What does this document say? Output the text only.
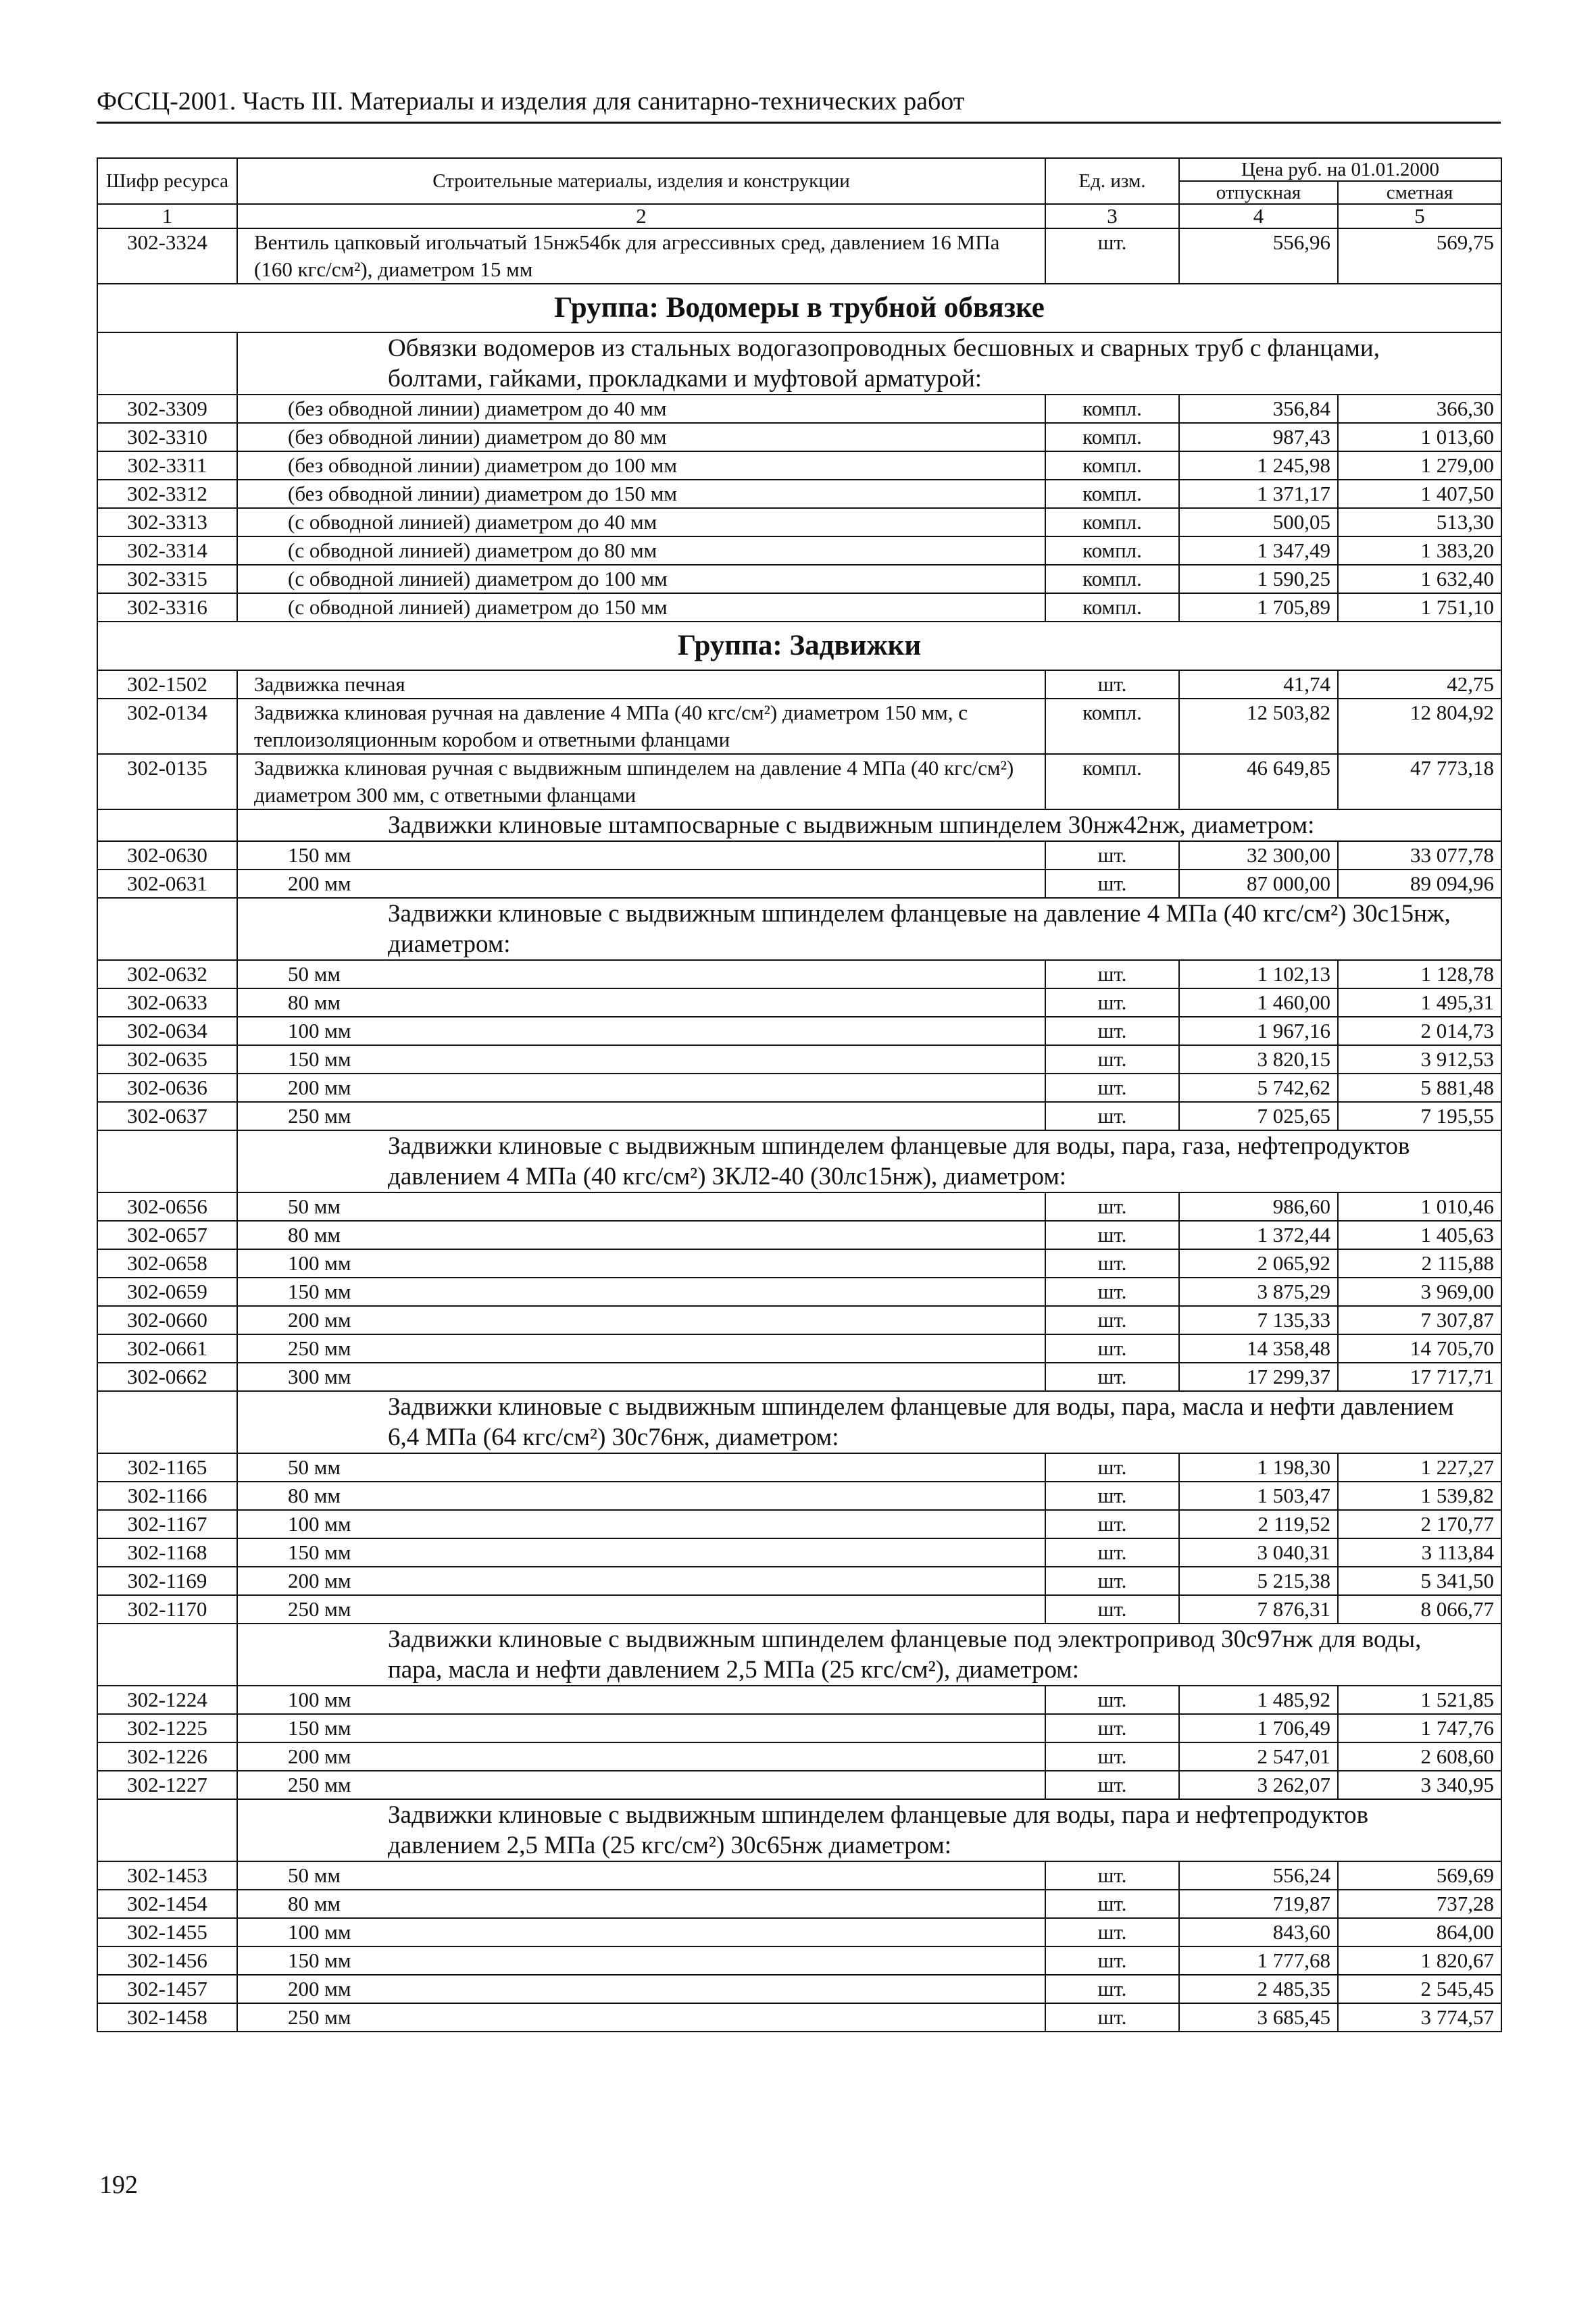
ФССЦ-2001. Часть III. Материалы и изделия для санитарно-технических работ
Шифр ресурса	Строительные материалы, изделия и конструкции	Ед. изм.	Цена руб. на 01.01.2000	
			отпускная	сметная
1	2	3	4	5
302-3324	Вентиль цапковый игольчатый 15нж54бк для агрессивных сред, давлением 16 МПа (160 кгс/см²), диаметром 15 мм	шт.	556,96	569,75
Группа: Водомеры в трубной обвязке				
	Обвязки водомеров из стальных водогазопроводных бесшовных и сварных труб с фланцами, болтами, гайками, прокладками и муфтовой арматурой:			
302-3309	(без обводной линии) диаметром до 40 мм	компл.	356,84	366,30
302-3310	(без обводной линии) диаметром до 80 мм	компл.	987,43	1 013,60
302-3311	(без обводной линии) диаметром до 100 мм	компл.	1 245,98	1 279,00
302-3312	(без обводной линии) диаметром до 150 мм	компл.	1 371,17	1 407,50
302-3313	(с обводной линией) диаметром до 40 мм	компл.	500,05	513,30
302-3314	(с обводной линией) диаметром до 80 мм	компл.	1 347,49	1 383,20
302-3315	(с обводной линией) диаметром до 100 мм	компл.	1 590,25	1 632,40
302-3316	(с обводной линией) диаметром до 150 мм	компл.	1 705,89	1 751,10
Группа: Задвижки				
302-1502	Задвижка печная	шт.	41,74	42,75
302-0134	Задвижка клиновая ручная на давление 4 МПа (40 кгс/см²) диаметром 150 мм, с теплоизоляционным коробом и ответными фланцами	компл.	12 503,82	12 804,92
302-0135	Задвижка клиновая ручная с выдвижным шпинделем на давление 4 МПа (40 кгс/см²) диаметром 300 мм, с ответными фланцами	компл.	46 649,85	47 773,18
	Задвижки клиновые штампосварные с выдвижным шпинделем 30нж42нж, диаметром:			
302-0630	150 мм	шт.	32 300,00	33 077,78
302-0631	200 мм	шт.	87 000,00	89 094,96
	Задвижки клиновые с выдвижным шпинделем фланцевые на давление 4 МПа (40 кгс/см²) 30с15нж, диаметром:			
302-0632	50 мм	шт.	1 102,13	1 128,78
302-0633	80 мм	шт.	1 460,00	1 495,31
302-0634	100 мм	шт.	1 967,16	2 014,73
302-0635	150 мм	шт.	3 820,15	3 912,53
302-0636	200 мм	шт.	5 742,62	5 881,48
302-0637	250 мм	шт.	7 025,65	7 195,55
	Задвижки клиновые с выдвижным шпинделем фланцевые для воды, пара, газа, нефтепродуктов давлением 4 МПа (40 кгс/см²) ЗКЛ2-40 (30лс15нж), диаметром:			
302-0656	50 мм	шт.	986,60	1 010,46
302-0657	80 мм	шт.	1 372,44	1 405,63
302-0658	100 мм	шт.	2 065,92	2 115,88
302-0659	150 мм	шт.	3 875,29	3 969,00
302-0660	200 мм	шт.	7 135,33	7 307,87
302-0661	250 мм	шт.	14 358,48	14 705,70
302-0662	300 мм	шт.	17 299,37	17 717,71
	Задвижки клиновые с выдвижным шпинделем фланцевые для воды, пара, масла и нефти давлением 6,4 МПа (64 кгс/см²) 30с76нж, диаметром:			
302-1165	50 мм	шт.	1 198,30	1 227,27
302-1166	80 мм	шт.	1 503,47	1 539,82
302-1167	100 мм	шт.	2 119,52	2 170,77
302-1168	150 мм	шт.	3 040,31	3 113,84
302-1169	200 мм	шт.	5 215,38	5 341,50
302-1170	250 мм	шт.	7 876,31	8 066,77
	Задвижки клиновые с выдвижным шпинделем фланцевые под электропривод 30с97нж для воды, пара, масла и нефти давлением 2,5 МПа (25 кгс/см²), диаметром:			
302-1224	100 мм	шт.	1 485,92	1 521,85
302-1225	150 мм	шт.	1 706,49	1 747,76
302-1226	200 мм	шт.	2 547,01	2 608,60
302-1227	250 мм	шт.	3 262,07	3 340,95
	Задвижки клиновые с выдвижным шпинделем фланцевые для воды, пара и нефтепродуктов давлением 2,5 МПа (25 кгс/см²) 30с65нж диаметром:			
302-1453	50 мм	шт.	556,24	569,69
302-1454	80 мм	шт.	719,87	737,28
302-1455	100 мм	шт.	843,60	864,00
302-1456	150 мм	шт.	1 777,68	1 820,67
302-1457	200 мм	шт.	2 485,35	2 545,45
302-1458	250 мм	шт.	3 685,45	3 774,57
192
